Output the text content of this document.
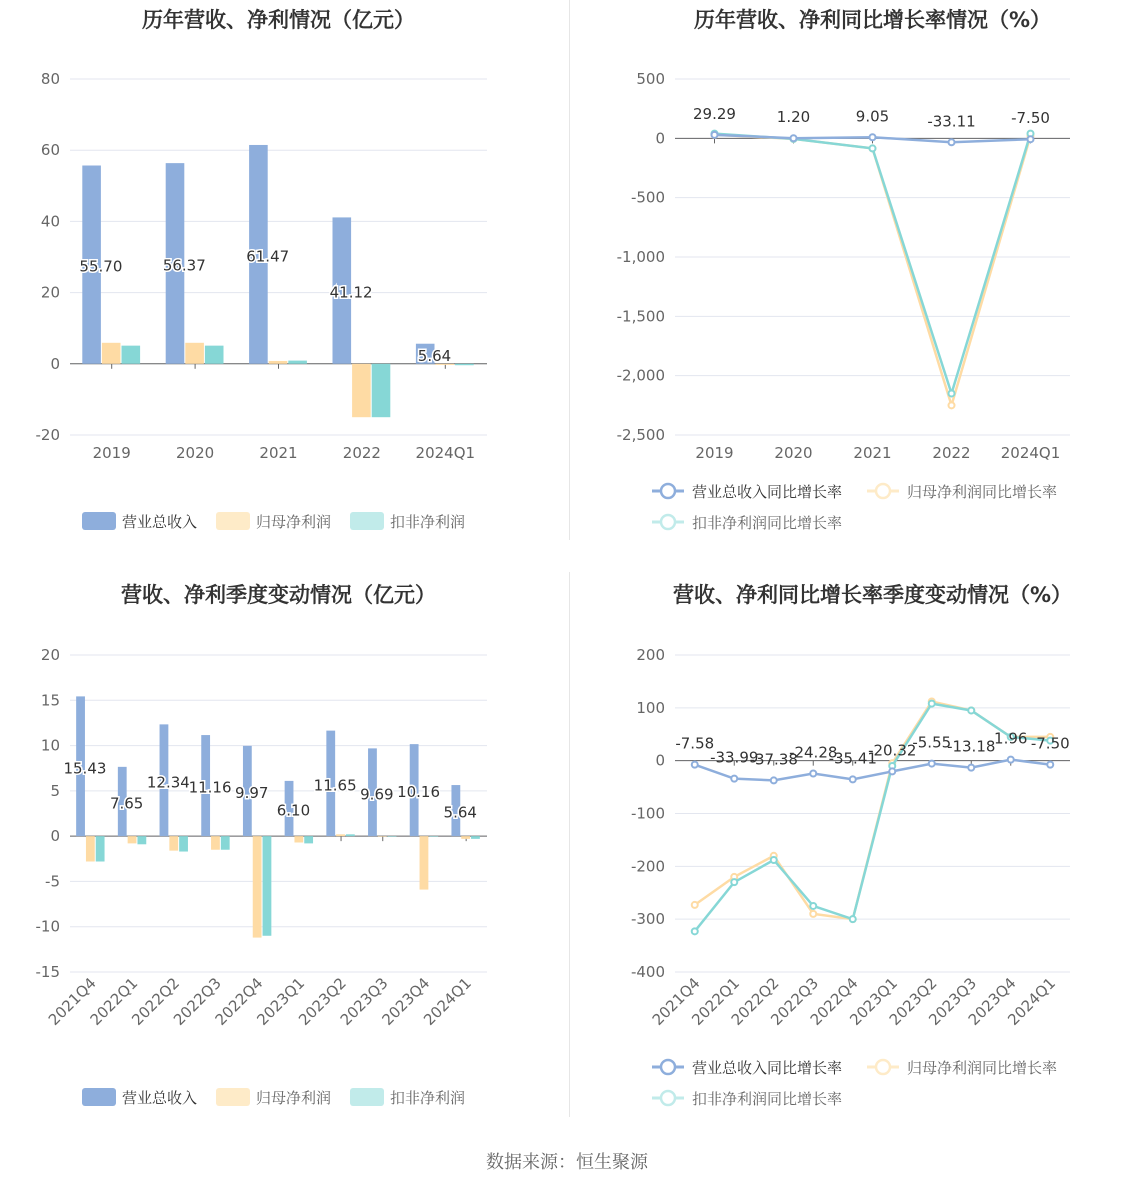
历年营收、净利情况（亿元）
80
60
40
20
0
-20
2019	2020	2021	2022 2024Q1
55.70	56.37
61.47
41.12
5.64
营业总收入	归母净利润	扣非净利润
历年营收、净利同比增长率情况（%）
500
0
-500
-1,000
-1,500
-2,000
-2,500
2019	2020	2021	2022 2024Q1
29.29	1.20	9.05	-33.11 -7.50
营业总收入同比增长率	归母净利润同比增长率
扣非净利润同比增长率
营收、净利季度变动情况（亿元）
20
15
10
5
0
-5
-10
-15
2021Q4
2022Q1
2022Q2
2022Q3
2022Q4
2023Q1
2023Q2
2023Q3
2023Q4
2024Q1
15.43
7.65
12.34
11.16 9.97
6.10
11.65 9.69 10.16
5.64
营业总收入	归母净利润	扣非净利润
营收、净利同比增长率季度变动情况（%）
200
100
0
-100
-200
-300
-400
2021Q4
2022Q1
2022Q2
2022Q3
2022Q4
2023Q1
2023Q2
2023Q3
2023Q4
2024Q1
-7.58
-33.99
-37.38
-24.28
-35.41
-20.32
-5.55
-13.18
1.96 -7.50
营业总收入同比增长率	归母净利润同比增长率
扣非净利润同比增长率
数据来源：恒生聚源
